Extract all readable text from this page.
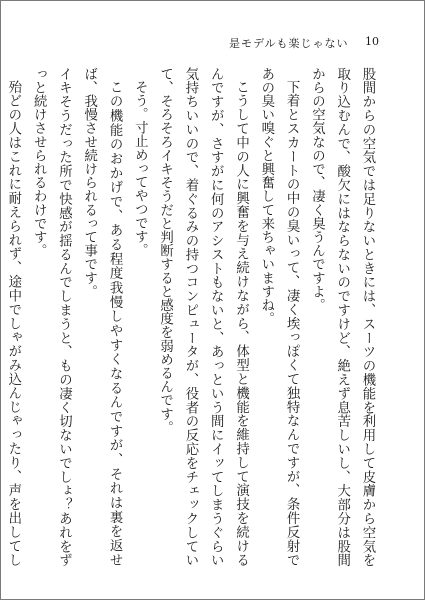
是モデルも楽じゃない 10

股間からの空気では足りないときには、スーツの機能を利用して皮膚から空気を取り込むんで、酸欠にはならないのですけど、絶えず息苦しいし、大部分は股間からの空気なので、凄く臭うんですよ。

下着とスカートの中の臭いって、凄く埃っぽくて独特なんですが、条件反射であの臭い嗅ぐと興奮して来ちゃいますね。

こうして中の人に興奮を与え続けながら、体型と機能を維持して演技を続けるんですが、さすがに何のアシストもないと、あっという間にイッてしまうぐらい気持ちいいので、着ぐるみの持つコンピュータが、役者の反応をチェックしていて、そろそろイキそうだと判断すると感度を弱めるんです。

そう。寸止めってやつです。

この機能のおかげで、ある程度我慢しやすくなるんですが、それは裏を返せば、我慢させ続けられるって事です。

イキそうだった所で快感が揺るんでしまうと、もの凄く切ないでしょ？あれをずっと続けさせられるわけです。

殆どの人はこれに耐えられず、途中でしゃがみ込んじゃったり、声を出してし
